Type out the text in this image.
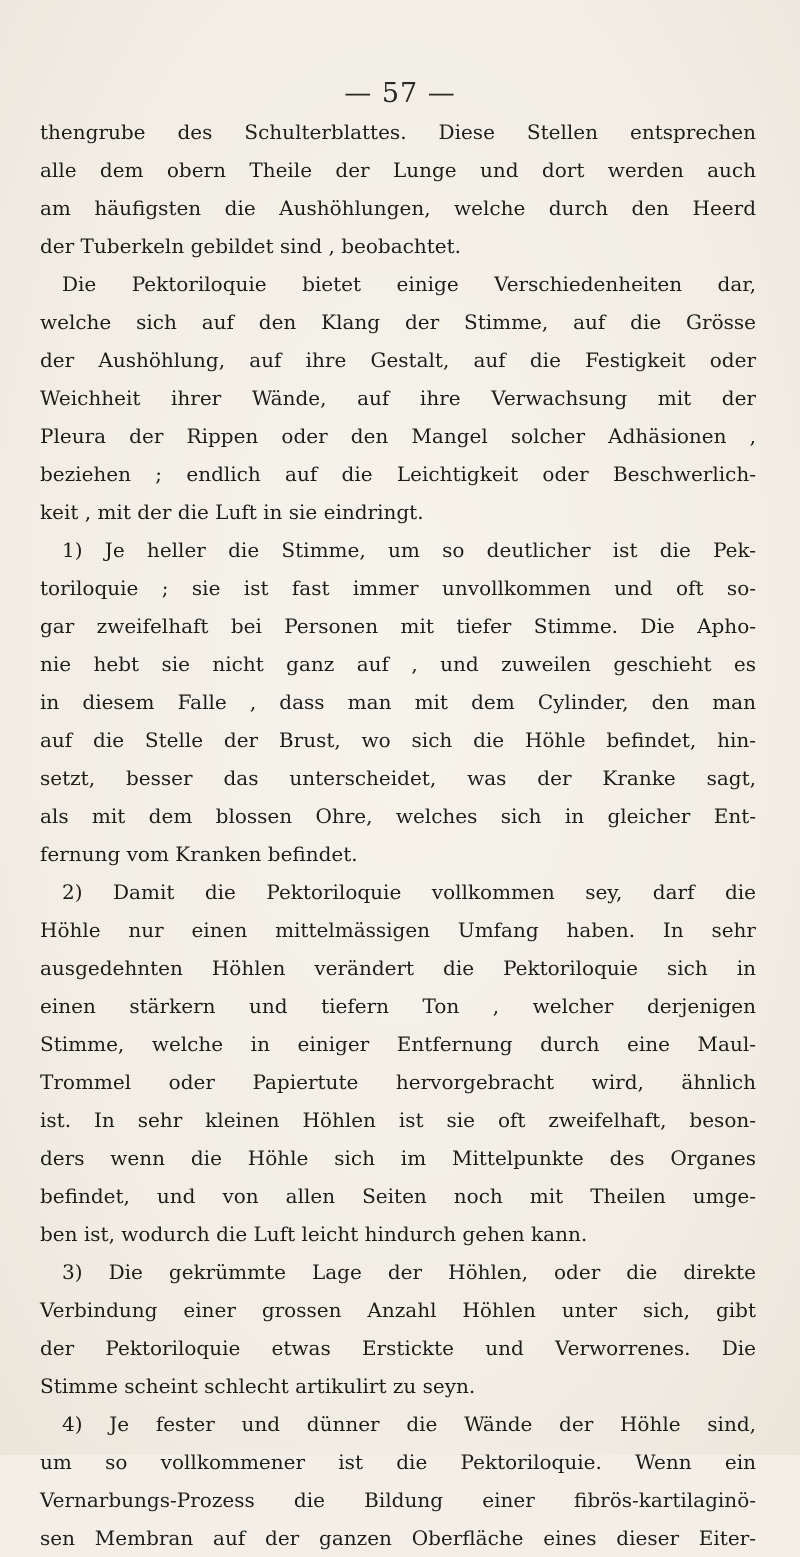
— 57 —
thengrube des Schulterblattes. Diese Stellen entsprechen
alle dem obern Theile der Lunge und dort werden auch
am häufigsten die Aushöhlungen, welche durch den Heerd
der Tuberkeln gebildet sind , beobachtet.
Die Pektoriloquie bietet einige Verschiedenheiten dar,
welche sich auf den Klang der Stimme, auf die Grösse
der Aushöhlung, auf ihre Gestalt, auf die Festigkeit oder
Weichheit ihrer Wände, auf ihre Verwachsung mit der
Pleura der Rippen oder den Mangel solcher Adhäsionen ,
beziehen ; endlich auf die Leichtigkeit oder Beschwerlich-
keit , mit der die Luft in sie eindringt.
1) Je heller die Stimme, um so deutlicher ist die Pek-
toriloquie ; sie ist fast immer unvollkommen und oft so-
gar zweifelhaft bei Personen mit tiefer Stimme. Die Apho-
nie hebt sie nicht ganz auf , und zuweilen geschieht es
in diesem Falle , dass man mit dem Cylinder, den man
auf die Stelle der Brust, wo sich die Höhle befindet, hin-
setzt, besser das unterscheidet, was der Kranke sagt,
als mit dem blossen Ohre, welches sich in gleicher Ent-
fernung vom Kranken befindet.
2) Damit die Pektoriloquie vollkommen sey, darf die
Höhle nur einen mittelmässigen Umfang haben. In sehr
ausgedehnten Höhlen verändert die Pektoriloquie sich in
einen stärkern und tiefern Ton , welcher derjenigen
Stimme, welche in einiger Entfernung durch eine Maul-
Trommel oder Papiertute hervorgebracht wird, ähnlich
ist. In sehr kleinen Höhlen ist sie oft zweifelhaft, beson-
ders wenn die Höhle sich im Mittelpunkte des Organes
befindet, und von allen Seiten noch mit Theilen umge-
ben ist, wodurch die Luft leicht hindurch gehen kann.
3) Die gekrümmte Lage der Höhlen, oder die direkte
Verbindung einer grossen Anzahl Höhlen unter sich, gibt
der Pektoriloquie etwas Erstickte und Verworrenes. Die
Stimme scheint schlecht artikulirt zu seyn.
4) Je fester und dünner die Wände der Höhle sind,
um so vollkommener ist die Pektoriloquie. Wenn ein
Vernarbungs-Prozess die Bildung einer fibrös-kartilaginö-
sen Membran auf der ganzen Oberfläche eines dieser Eiter-
